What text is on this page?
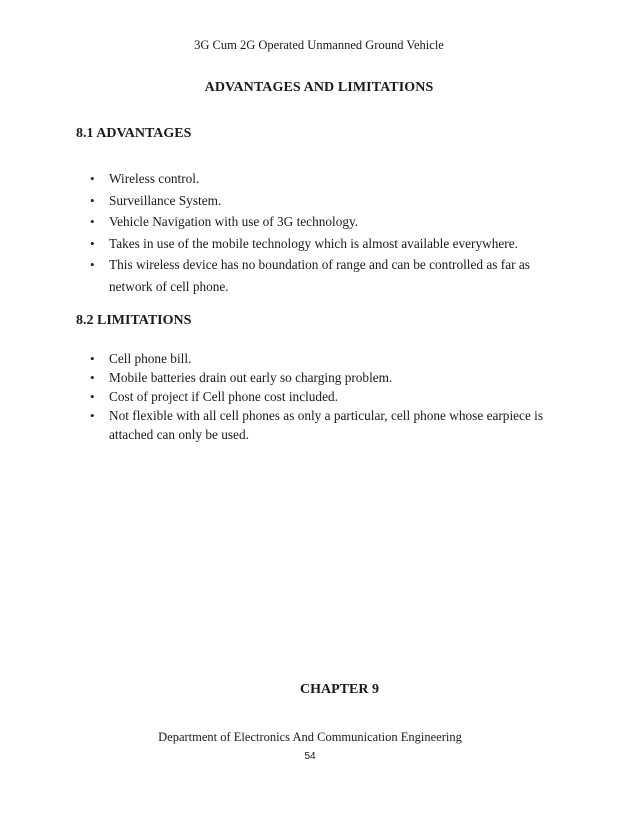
3G Cum 2G Operated Unmanned Ground Vehicle
ADVANTAGES AND LIMITATIONS
8.1 ADVANTAGES
• Wireless control.
• Surveillance System.
• Vehicle Navigation with use of 3G technology.
• Takes in use of the mobile technology which is almost available everywhere.
• This wireless device has no boundation of range and can be controlled as far as network of cell phone.
8.2 LIMITATIONS
• Cell phone bill.
• Mobile batteries drain out early so charging problem.
• Cost of project if Cell phone cost included.
• Not flexible with all cell phones as only a particular, cell phone whose earpiece is attached can only be used.
CHAPTER 9
Department of Electronics And Communication Engineering
54
